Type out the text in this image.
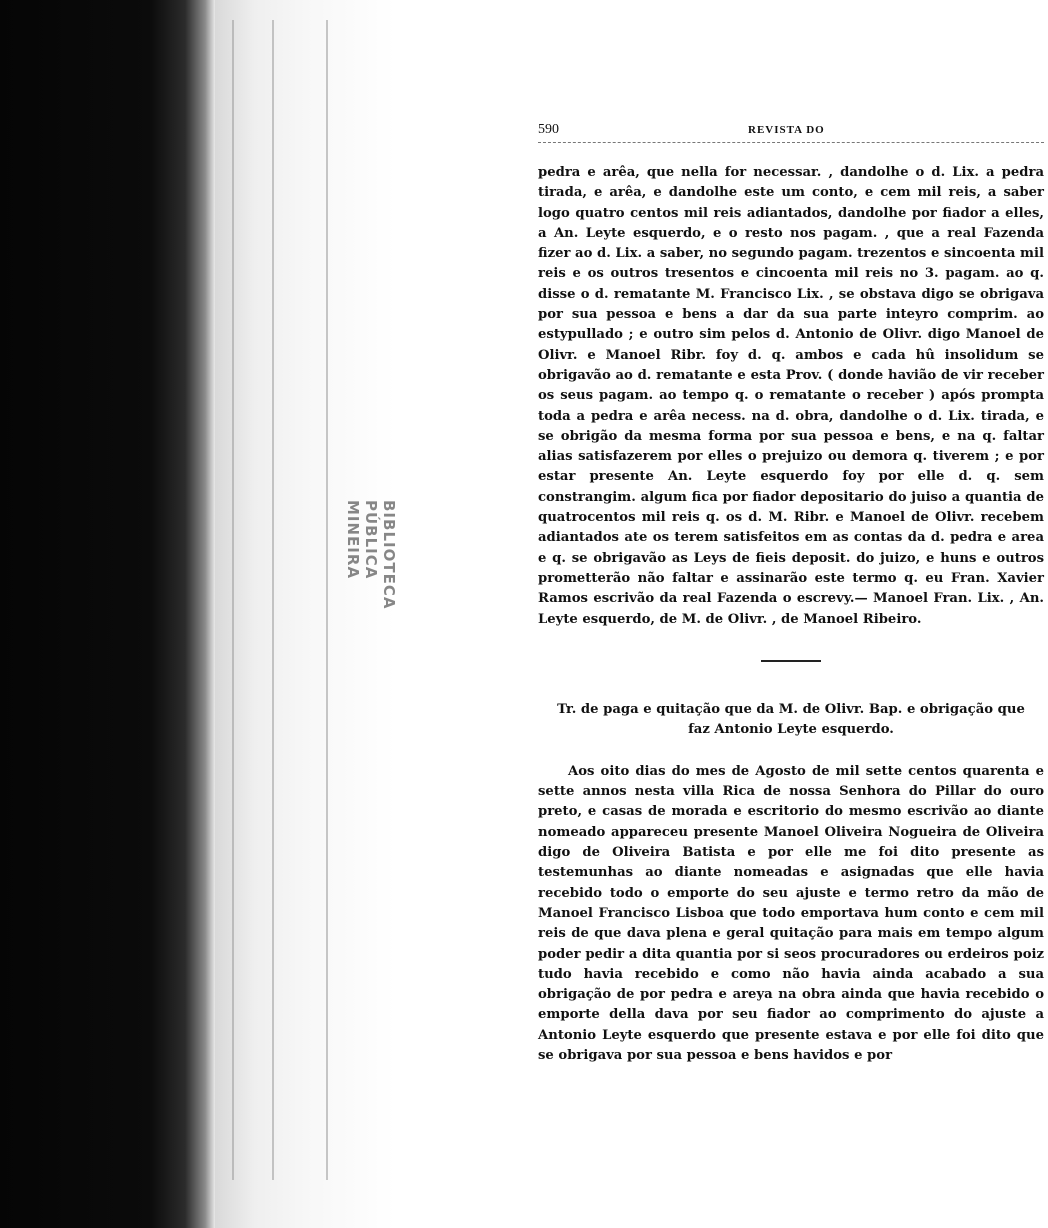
BIBLIOTECA
PÚBLICA
MINEIRA
590	REVISTA DO

pedra e arêa, que nella for necessar. , dandolhe o d. Lix. a pedra tirada, e arêa, e dandolhe este um conto, e cem mil reis, a saber logo quatro centos mil reis adiantados, dandolhe por fiador a elles, a An. Leyte esquerdo, e o resto nos pagam. , que a real Fazenda fizer ao d. Lix. a saber, no segundo pagam. trezentos e sincoenta mil reis e os outros tresentos e cincoenta mil reis no 3. pagam. ao q. disse o d. rematante M. Francisco Lix. , se obstava digo se obrigava por sua pessoa e bens a dar da sua parte inteyro comprim. ao estypullado ; e outro sim pelos d. Antonio de Olivr. digo Manoel de Olivr. e Manoel Ribr. foy d. q. ambos e cada hû insolidum se obrigavão ao d. rematante e esta Prov. ( donde havião de vir receber os seus pagam. ao tempo q. o rematante o receber ) após prompta toda a pedra e arêa necess. na d. obra, dandolhe o d. Lix. tirada, e se obrigão da mesma forma por sua pessoa e bens, e na q. faltar alias satisfazerem por elles o prejuizo ou demora q. tiverem ; e por estar presente An. Leyte esquerdo foy por elle d. q. sem constrangim. algum fica por fiador depositario do juiso a quantia de quatrocentos mil reis q. os d. M. Ribr. e Manoel de Olivr. recebem adiantados ate os terem satisfeitos em as contas da d. pedra e area e q. se obrigavão as Leys de fieis deposit. do juizo, e huns e outros prometterão não faltar e assinarão este termo q. eu Fran. Xavier Ramos escrivão da real Fazenda o escrevy.— Manoel Fran. Lix. , An. Leyte esquerdo, de M. de Olivr. , de Manoel Ribeiro.

Tr. de paga e quitação que da M. de Olivr. Bap. e obrigação que faz Antonio Leyte esquerdo.

Aos oito dias do mes de Agosto de mil sette centos quarenta e sette annos nesta villa Rica de nossa Senhora do Pillar do ouro preto, e casas de morada e escritorio do mesmo escrivão ao diante nomeado appareceu presente Manoel Oliveira Nogueira de Oliveira digo de Oliveira Batista e por elle me foi dito presente as testemunhas ao diante nomeadas e asignadas que elle havia recebido todo o emporte do seu ajuste e termo retro da mão de Manoel Francisco Lisboa que todo emportava hum conto e cem mil reis de que dava plena e geral quitação para mais em tempo algum poder pedir a dita quantia por si seos procuradores ou erdeiros poiz tudo havia recebido e como não havia ainda acabado a sua obrigação de por pedra e areya na obra ainda que havia recebido o emporte della dava por seu fiador ao comprimento do ajuste a Antonio Leyte esquerdo que presente estava e por elle foi dito que se obrigava por sua pessoa e bens havidos e por
